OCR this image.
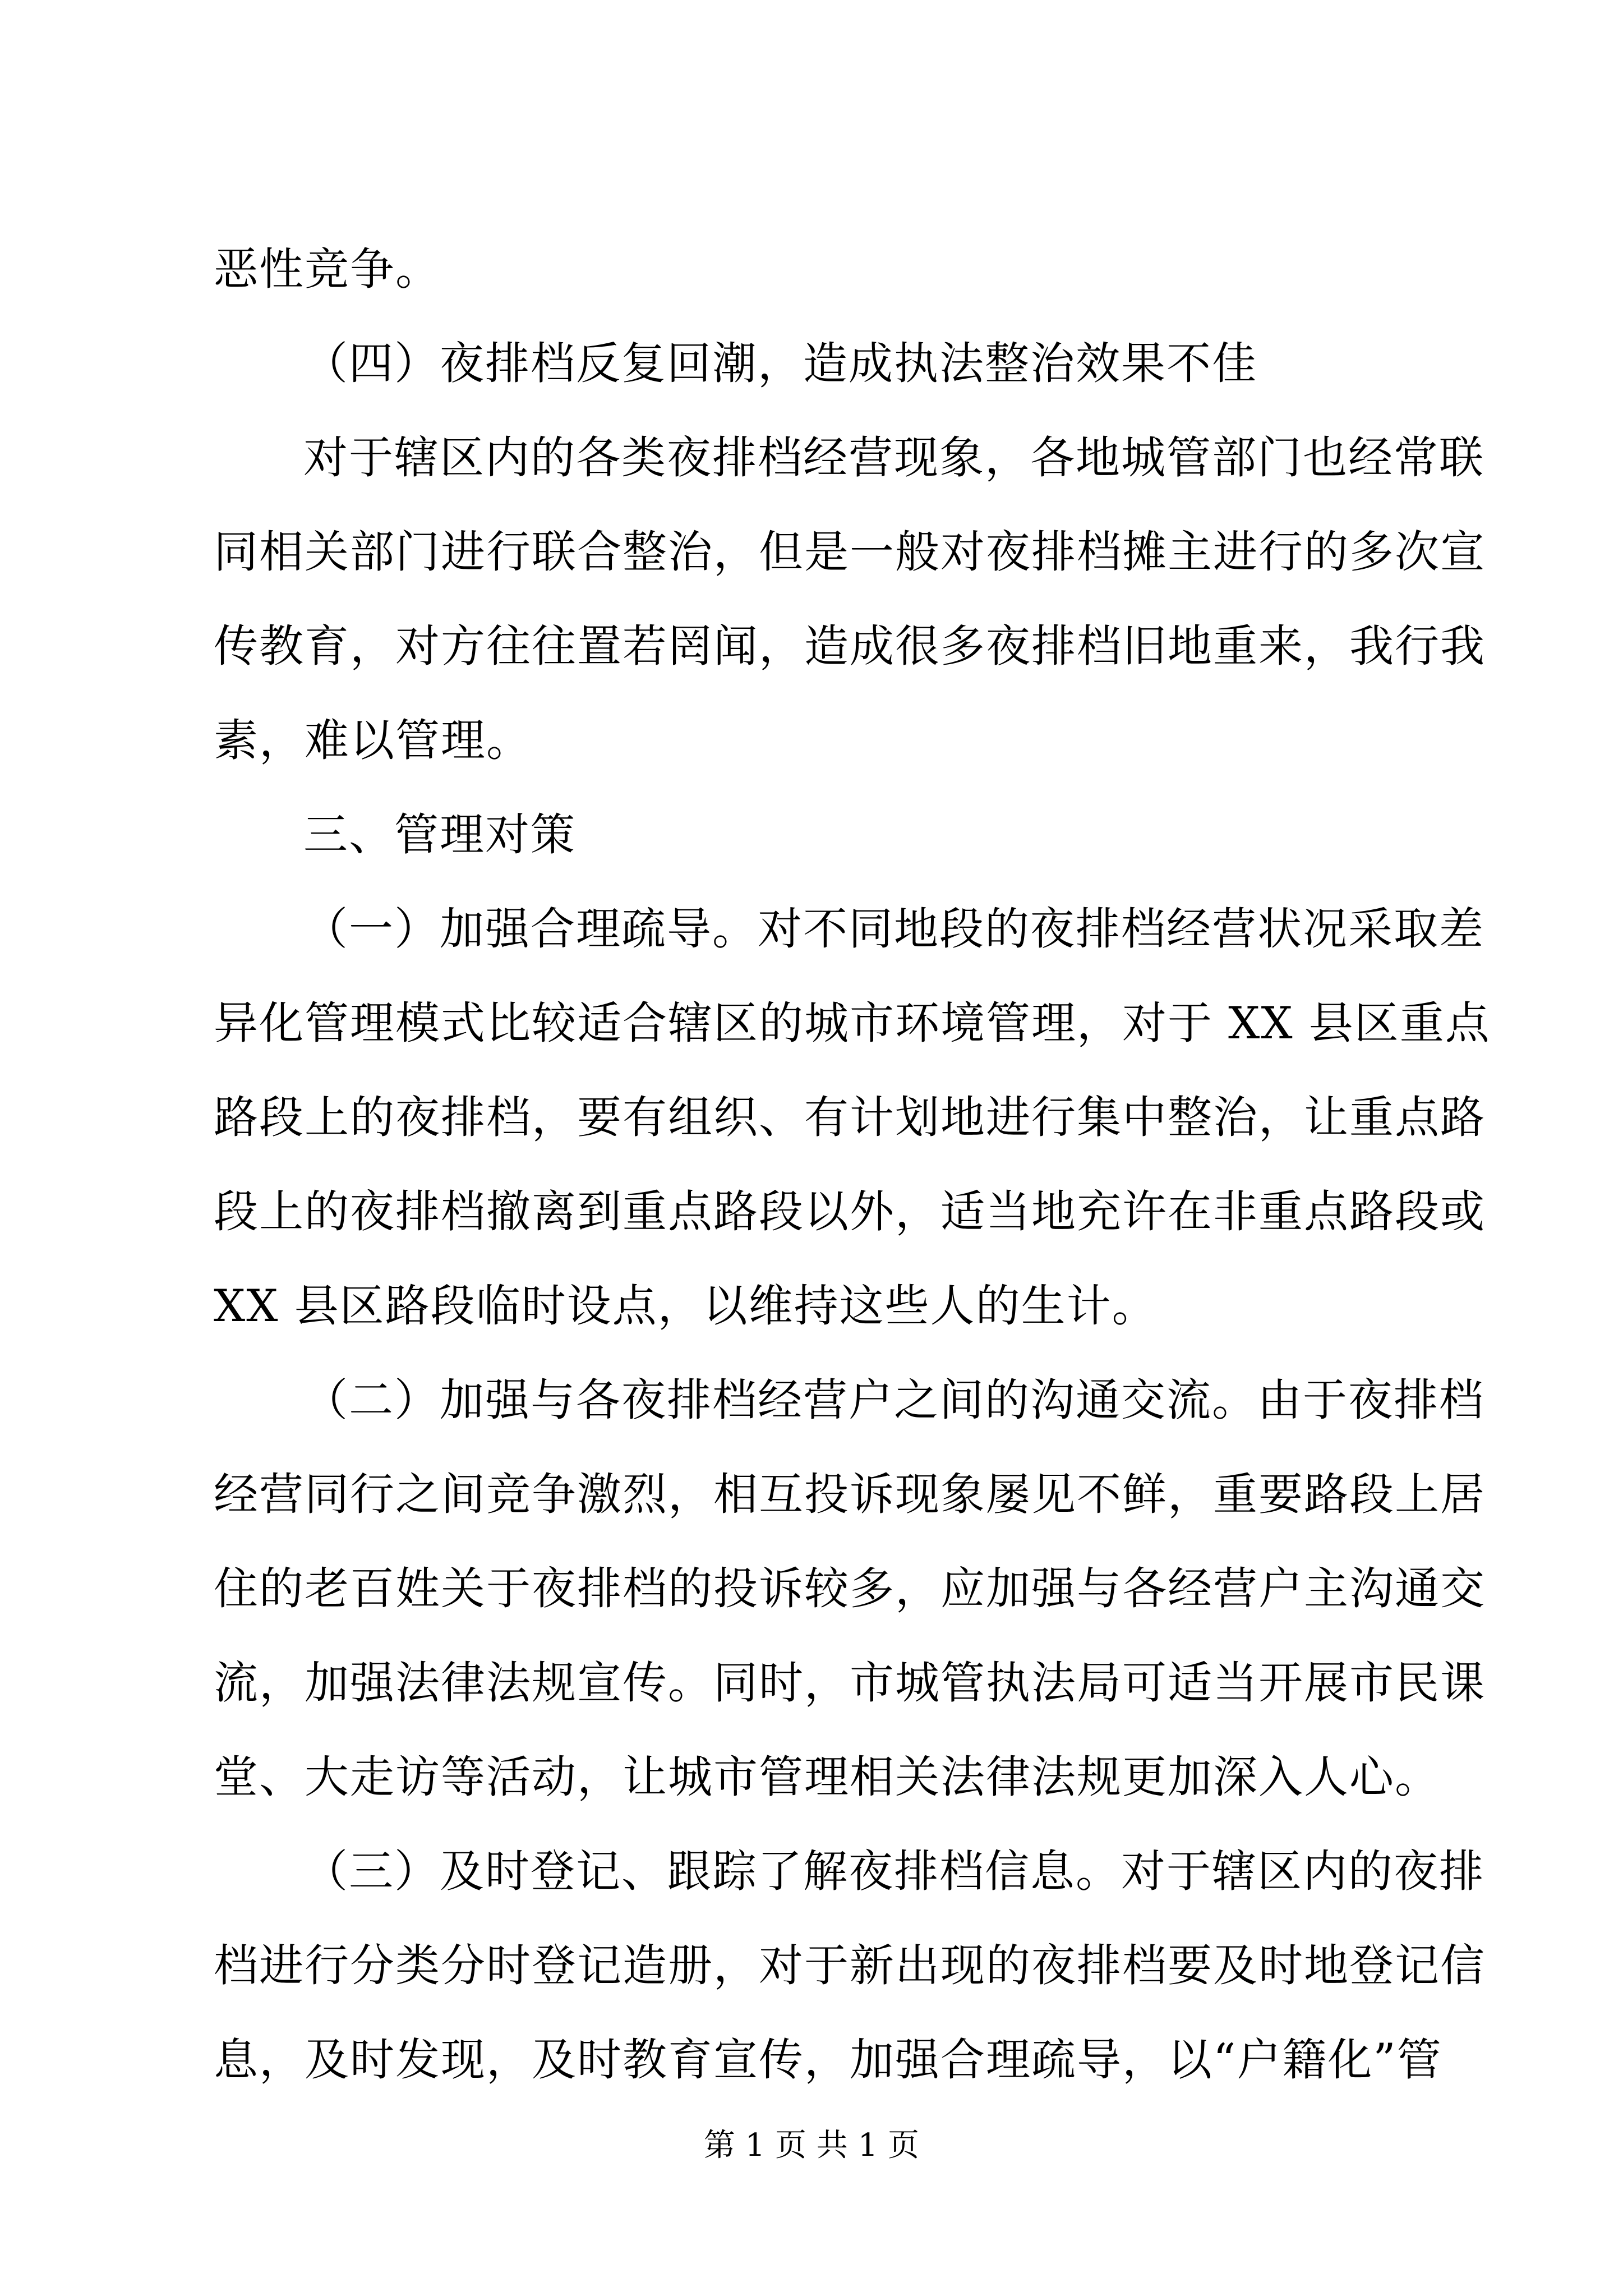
恶性竞争。
（四）夜排档反复回潮，造成执法整治效果不佳
对于辖区内的各类夜排档经营现象，各地城管部门也经常联
同相关部门进行联合整治，但是一般对夜排档摊主进行的多次宣
传教育，对方往往置若罔闻，造成很多夜排档旧地重来，我行我
素，难以管理。
三、管理对策
（一）加强合理疏导。对不同地段的夜排档经营状况采取差
异化管理模式比较适合辖区的城市环境管理，对于 XX 县区重点
路段上的夜排档，要有组织、有计划地进行集中整治，让重点路
段上的夜排档撤离到重点路段以外，适当地充许在非重点路段或
XX 县区路段临时设点，以维持这些人的生计。
（二）加强与各夜排档经营户之间的沟通交流。由于夜排档
经营同行之间竞争激烈，相互投诉现象屡见不鲜，重要路段上居
住的老百姓关于夜排档的投诉较多，应加强与各经营户主沟通交
流，加强法律法规宣传。同时，市城管执法局可适当开展市民课
堂、大走访等活动，让城市管理相关法律法规更加深入人心。
（三）及时登记、跟踪了解夜排档信息。对于辖区内的夜排
档进行分类分时登记造册，对于新出现的夜排档要及时地登记信
息，及时发现，及时教育宣传，加强合理疏导，以“户籍化”管
第 1 页 共 1 页
